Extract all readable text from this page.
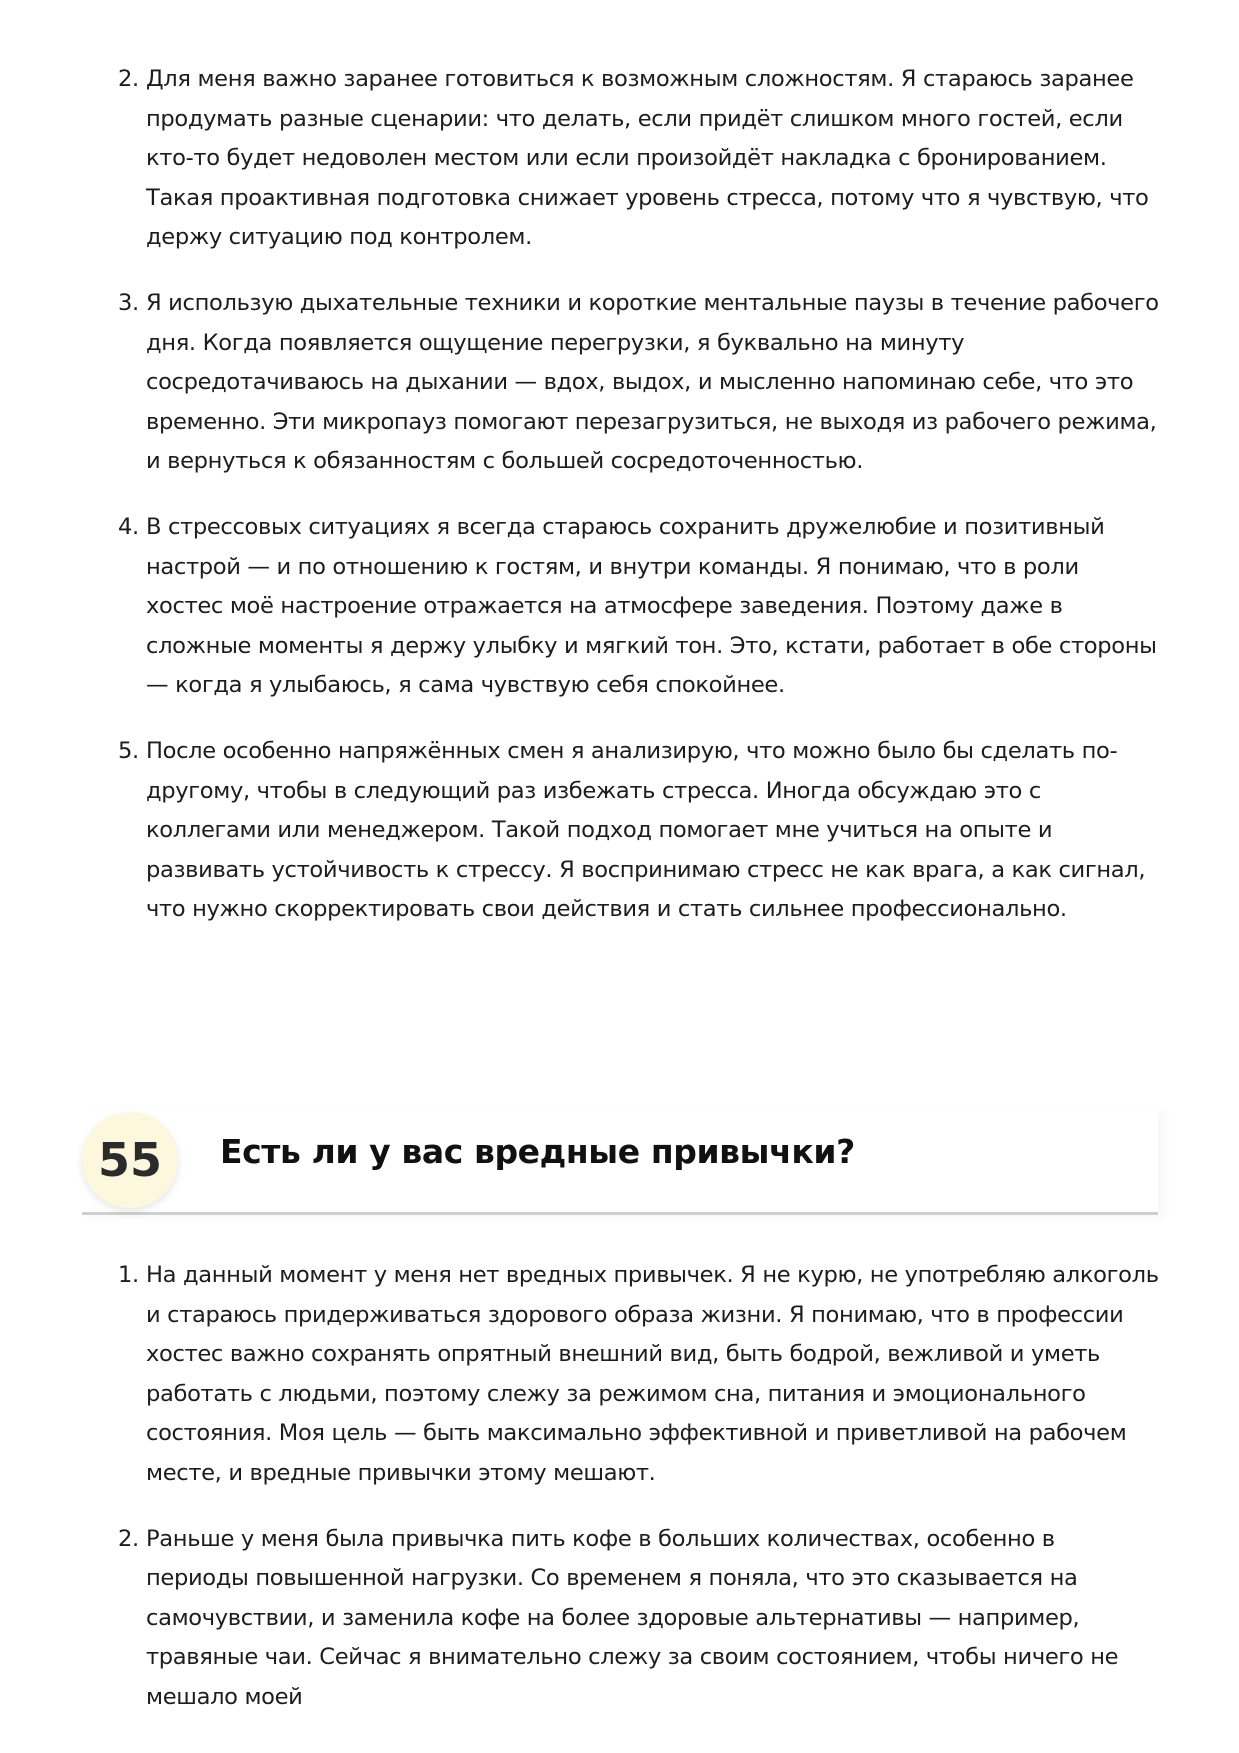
2. Для меня важно заранее готовиться к возможным сложностям. Я стараюсь заранее продумать разные сценарии: что делать, если придёт слишком много гостей, если кто-то будет недоволен местом или если произойдёт накладка с бронированием. Такая проактивная подготовка снижает уровень стресса, потому что я чувствую, что держу ситуацию под контролем.
3. Я использую дыхательные техники и короткие ментальные паузы в течение рабочего дня. Когда появляется ощущение перегрузки, я буквально на минуту сосредотачиваюсь на дыхании — вдох, выдох, и мысленно напоминаю себе, что это временно. Эти микропауз помогают перезагрузиться, не выходя из рабочего режима, и вернуться к обязанностям с большей сосредоточенностью.
4. В стрессовых ситуациях я всегда стараюсь сохранить дружелюбие и позитивный настрой — и по отношению к гостям, и внутри команды. Я понимаю, что в роли хостес моё настроение отражается на атмосфере заведения. Поэтому даже в сложные моменты я держу улыбку и мягкий тон. Это, кстати, работает в обе стороны — когда я улыбаюсь, я сама чувствую себя спокойнее.
5. После особенно напряжённых смен я анализирую, что можно было бы сделать по-другому, чтобы в следующий раз избежать стресса. Иногда обсуждаю это с коллегами или менеджером. Такой подход помогает мне учиться на опыте и развивать устойчивость к стрессу. Я воспринимаю стресс не как врага, а как сигнал, что нужно скорректировать свои действия и стать сильнее профессионально.
55	Есть ли у вас вредные привычки?
1. На данный момент у меня нет вредных привычек. Я не курю, не употребляю алкоголь и стараюсь придерживаться здорового образа жизни. Я понимаю, что в профессии хостес важно сохранять опрятный внешний вид, быть бодрой, вежливой и уметь работать с людьми, поэтому слежу за режимом сна, питания и эмоционального состояния. Моя цель — быть максимально эффективной и приветливой на рабочем месте, и вредные привычки этому мешают.
2. Раньше у меня была привычка пить кофе в больших количествах, особенно в периоды повышенной нагрузки. Со временем я поняла, что это сказывается на самочувствии, и заменила кофе на более здоровые альтернативы — например, травяные чаи. Сейчас я внимательно слежу за своим состоянием, чтобы ничего не мешало моей
